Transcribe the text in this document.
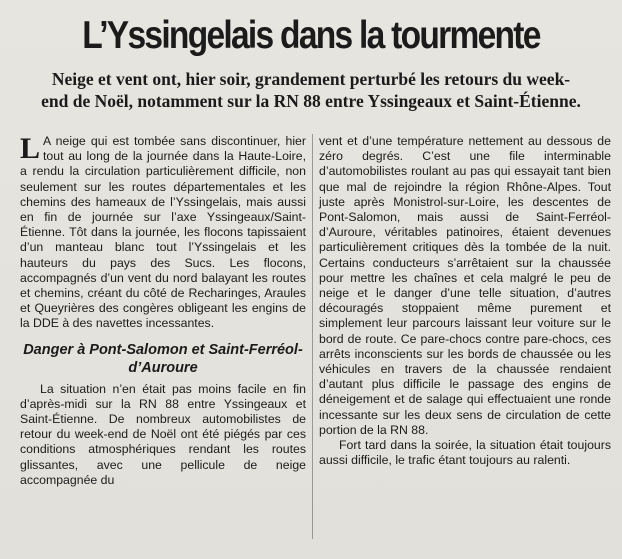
L’Yssingelais dans la tourmente
Neige et vent ont, hier soir, grandement perturbé les retours du week-end de Noël, notamment sur la RN 88 entre Yssingeaux et Saint-Étienne.

L A neige qui est tombée sans discontinuer, hier tout au long de la journée dans la Haute-Loire, a rendu la circulation particulièrement difficile, non seulement sur les routes départementales et les chemins des hameaux de l’Yssingelais, mais aussi en fin de journée sur l’axe Yssingeaux/Saint-Étienne. Tôt dans la journée, les flocons tapissaient d’un manteau blanc tout l’Yssingelais et les hauteurs du pays des Sucs. Les flocons, accompagnés d’un vent du nord balayant les routes et chemins, créant du côté de Recharinges, Araules et Queyrières des congères obligeant les engins de la DDE à des navettes incessantes.

Danger à Pont-Salomon et Saint-Ferréol-d’Auroure

La situation n’en était pas moins facile en fin d’après-midi sur la RN 88 entre Yssingeaux et Saint-Étienne. De nombreux automobilistes de retour du week-end de Noël ont été piégés par ces conditions atmosphériques rendant les routes glissantes, avec une pellicule de neige accompagnée du

vent et d’une température nettement au dessous de zéro degrés. C’est une file interminable d’automobilistes roulant au pas qui essayait tant bien que mal de rejoindre la région Rhône-Alpes. Tout juste après Monistrol-sur-Loire, les descentes de Pont-Salomon, mais aussi de Saint-Ferréol-d’Auroure, véritables patinoires, étaient devenues particulièrement critiques dès la tombée de la nuit. Certains conducteurs s’arrêtaient sur la chaussée pour mettre les chaînes et cela malgré le peu de neige et le danger d’une telle situation, d’autres découragés stoppaient même purement et simplement leur parcours laissant leur voiture sur le bord de route. Ce pare-chocs contre pare-chocs, ces arrêts inconscients sur les bords de chaussée ou les véhicules en travers de la chaussée rendaient d’autant plus difficile le passage des engins de déneigement et de salage qui effectuaient une ronde incessante sur les deux sens de circulation de cette portion de la RN 88.

Fort tard dans la soirée, la situation était toujours aussi difficile, le trafic étant toujours au ralenti.
